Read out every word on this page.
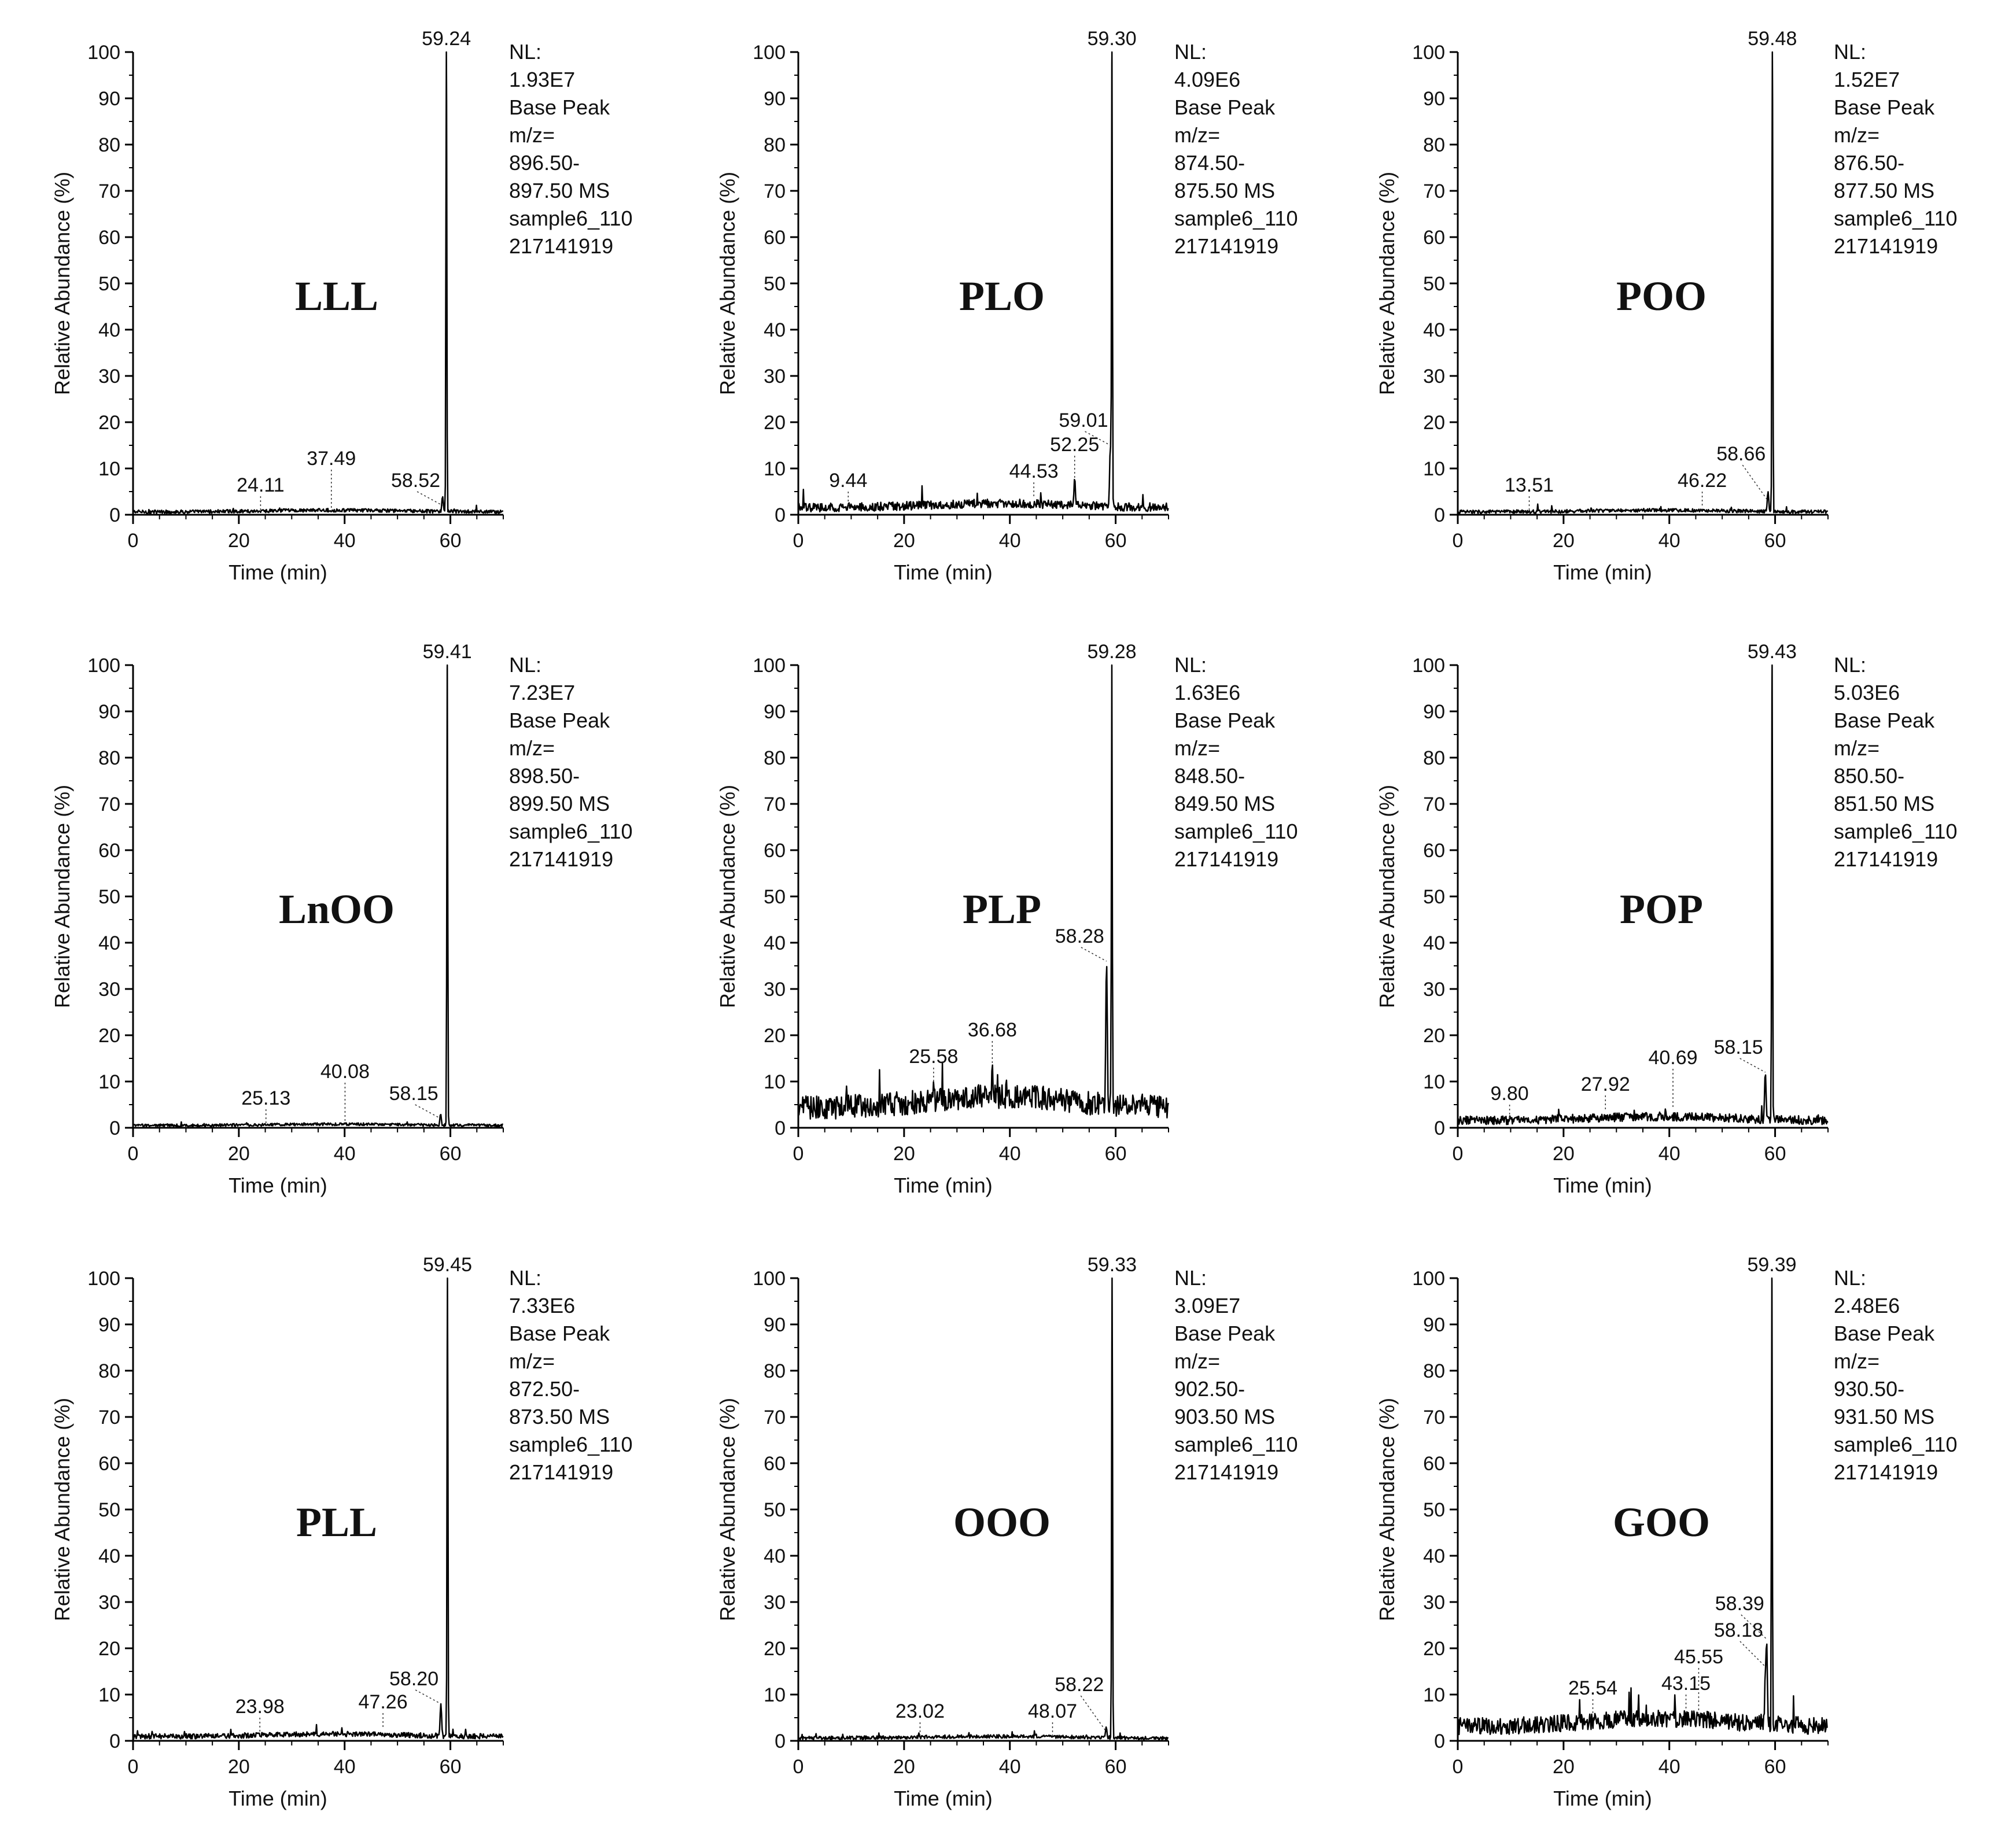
0
10
20
30
40
50
60
70
80
90
100
0	20	40	60
Time (min)
Relative Abundance (%)
59.24
24.11
37.49
58.52
NL:
1.93E7
Base Peak
m/z=
896.50-
897.50 MS
sample6_110
217141919
LLL
0
10
20
30
40
50
60
70
80
90
100
0	20	40	60
Time (min)
Relative Abundance (%)
59.30
9.44	44.53
52.25
59.01
NL:
4.09E6
Base Peak
m/z=
874.50-
875.50 MS
sample6_110
217141919
PLO
0
10
20
30
40
50
60
70
80
90
100
0	20	40	60
Time (min)
Relative Abundance (%)
59.48
13.51	46.22
58.66
NL:
1.52E7
Base Peak
m/z=
876.50-
877.50 MS
sample6_110
217141919
POO
0
10
20
30
40
50
60
70
80
90
100
0	20	40	60
Time (min)
Relative Abundance (%)
59.41
25.13
40.08
58.15
NL:
7.23E7
Base Peak
m/z=
898.50-
899.50 MS
sample6_110
217141919
LnOO
0
10
20
30
40
50
60
70
80
90
100
0	20	40	60
Time (min)
Relative Abundance (%)
59.28
25.58
36.68
58.28
NL:
1.63E6
Base Peak
m/z=
848.50-
849.50 MS
sample6_110
217141919
PLP
0
10
20
30
40
50
60
70
80
90
100
0	20	40	60
Time (min)
Relative Abundance (%)
59.43
9.80	27.92
40.69 58.15
NL:
5.03E6
Base Peak
m/z=
850.50-
851.50 MS
sample6_110
217141919
POP
0
10
20
30
40
50
60
70
80
90
100
0	20	40	60
Time (min)
Relative Abundance (%)
59.45
23.98	47.26
58.20
NL:
7.33E6
Base Peak
m/z=
872.50-
873.50 MS
sample6_110
217141919
PLL
0
10
20
30
40
50
60
70
80
90
100
0	20	40	60
Time (min)
Relative Abundance (%)
59.33
23.02	48.07
58.22
NL:
3.09E7
Base Peak
m/z=
902.50-
903.50 MS
sample6_110
217141919
OOO
0
10
20
30
40
50
60
70
80
90
100
0	20	40	60
Time (min)
Relative Abundance (%)
59.39
25.54 43.15
45.55
58.18
58.39
NL:
2.48E6
Base Peak
m/z=
930.50-
931.50 MS
sample6_110
217141919
GOO
